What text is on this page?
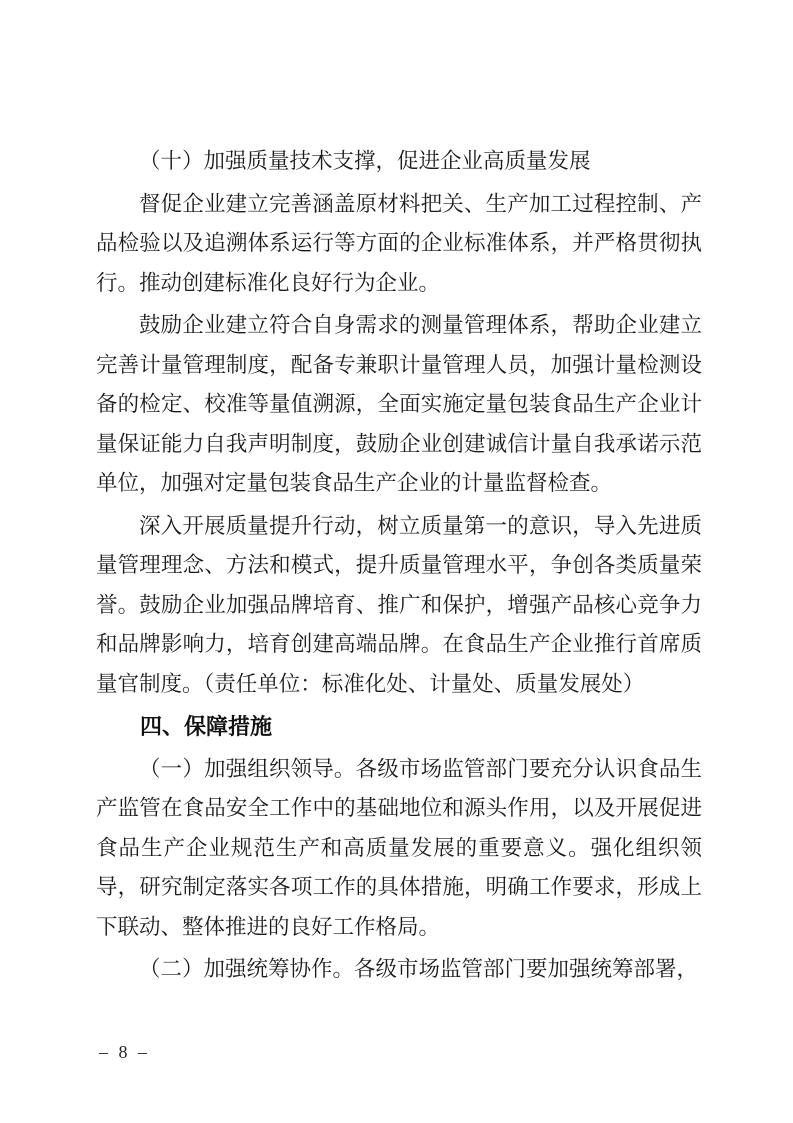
（十）加强质量技术支撑，促进企业高质量发展

督促企业建立完善涵盖原材料把关、生产加工过程控制、产品检验以及追溯体系运行等方面的企业标准体系，并严格贯彻执行。推动创建标准化良好行为企业。

鼓励企业建立符合自身需求的测量管理体系，帮助企业建立完善计量管理制度，配备专兼职计量管理人员，加强计量检测设备的检定、校准等量值溯源，全面实施定量包装食品生产企业计量保证能力自我声明制度，鼓励企业创建诚信计量自我承诺示范单位，加强对定量包装食品生产企业的计量监督检查。

深入开展质量提升行动，树立质量第一的意识，导入先进质量管理理念、方法和模式，提升质量管理水平，争创各类质量荣誉。鼓励企业加强品牌培育、推广和保护，增强产品核心竞争力和品牌影响力，培育创建高端品牌。在食品生产企业推行首席质量官制度。（责任单位：标准化处、计量处、质量发展处）

四、保障措施

（一）加强组织领导。各级市场监管部门要充分认识食品生产监管在食品安全工作中的基础地位和源头作用，以及开展促进食品生产企业规范生产和高质量发展的重要意义。强化组织领导，研究制定落实各项工作的具体措施，明确工作要求，形成上下联动、整体推进的良好工作格局。

（二）加强统筹协作。各级市场监管部门要加强统筹部署，

– 8 –
